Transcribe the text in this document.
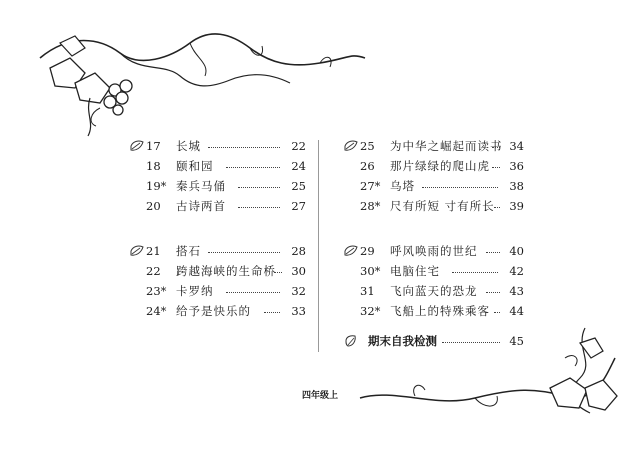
17	长城	22
18	颐和园	24
19* 秦兵马俑	25
20	古诗两首	27
21	搭石	28
22	跨越海峡的生命桥	30
23* 卡罗纳	32
24* 给予是快乐的	33
25	为中华之崛起而读书 34
26	那片绿绿的爬山虎	36
27* 乌塔	38
28* 尺有所短 寸有所长	39
29	呼风唤雨的世纪	40
30* 电脑住宅	42
31	飞向蓝天的恐龙	43
32* 飞船上的特殊乘客	44
期末自我检测	45
四年级上
